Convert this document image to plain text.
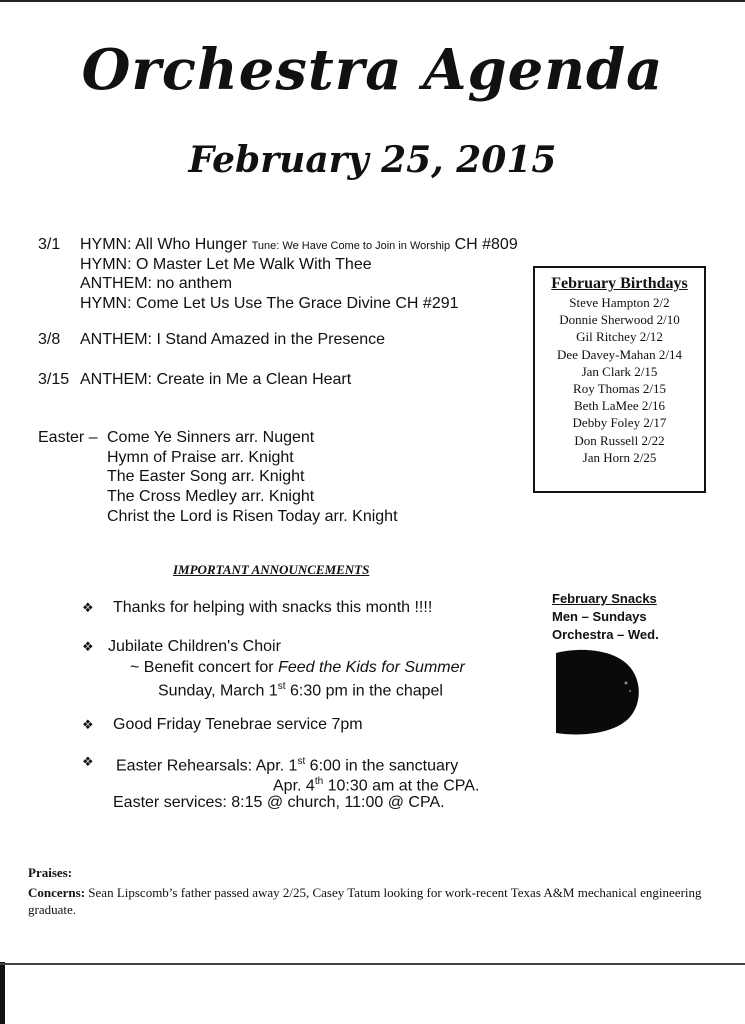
Orchestra Agenda
February 25, 2015
3/1 HYMN: All Who Hunger Tune: We Have Come to Join in Worship CH #809
HYMN: O Master Let Me Walk With Thee
ANTHEM: no anthem
HYMN: Come Let Us Use The Grace Divine CH #291
3/8 ANTHEM: I Stand Amazed in the Presence
3/15 ANTHEM: Create in Me a Clean Heart
Easter – Come Ye Sinners arr. Nugent
Hymn of Praise arr. Knight
The Easter Song arr. Knight
The Cross Medley arr. Knight
Christ the Lord is Risen Today arr. Knight
February Birthdays
Steve Hampton 2/2
Donnie Sherwood 2/10
Gil Ritchey 2/12
Dee Davey-Mahan 2/14
Jan Clark 2/15
Roy Thomas 2/15
Beth LaMee 2/16
Debby Foley 2/17
Don Russell 2/22
Jan Horn 2/25
IMPORTANT ANNOUNCEMENTS
❖ Thanks for helping with snacks this month !!!!
❖ Jubilate Children's Choir
~ Benefit concert for Feed the Kids for Summer
Sunday, March 1st 6:30 pm in the chapel
❖ Good Friday Tenebrae service 7pm
❖ Easter Rehearsals: Apr. 1st 6:00 in the sanctuary
Apr. 4th 10:30 am at the CPA.
Easter services: 8:15 @ church, 11:00 @ CPA.
February Snacks
Men – Sundays
Orchestra – Wed.
Praises:
Concerns: Sean Lipscomb’s father passed away 2/25, Casey Tatum looking for work-recent Texas A&M mechanical engineering graduate.
